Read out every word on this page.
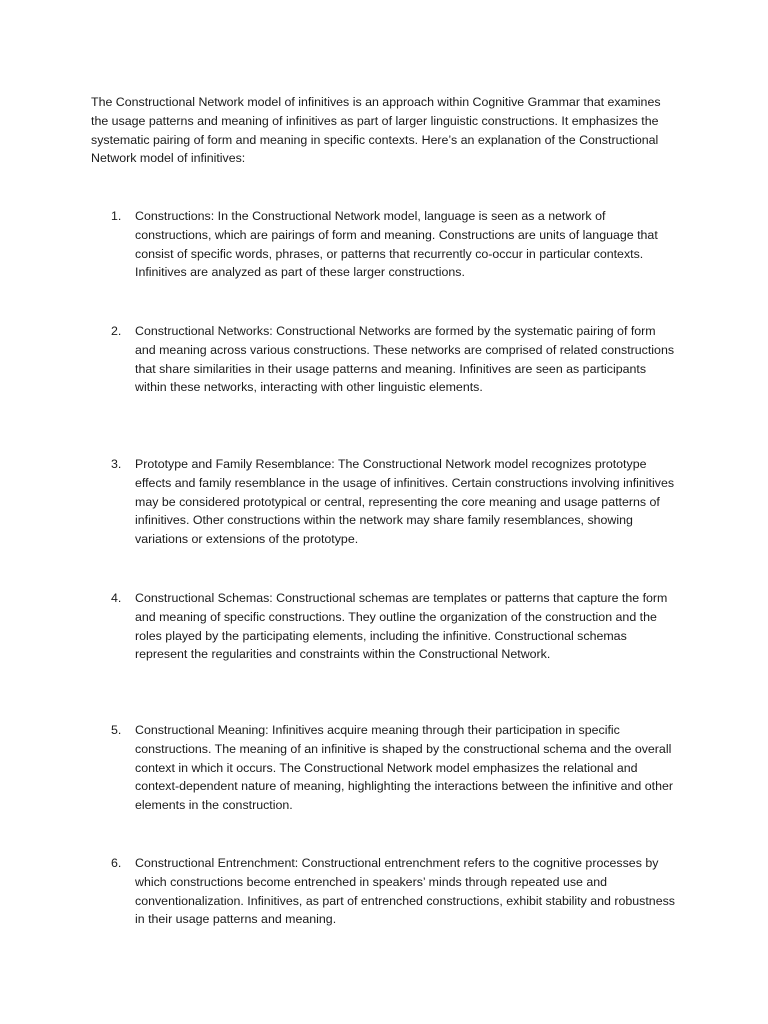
The Constructional Network model of infinitives is an approach within Cognitive Grammar that examines the usage patterns and meaning of infinitives as part of larger linguistic constructions. It emphasizes the systematic pairing of form and meaning in specific contexts. Here’s an explanation of the Constructional Network model of infinitives:

1.	Constructions: In the Constructional Network model, language is seen as a network of constructions, which are pairings of form and meaning. Constructions are units of language that consist of specific words, phrases, or patterns that recurrently co-occur in particular contexts. Infinitives are analyzed as part of these larger constructions.

2.	Constructional Networks: Constructional Networks are formed by the systematic pairing of form and meaning across various constructions. These networks are comprised of related constructions that share similarities in their usage patterns and meaning. Infinitives are seen as participants within these networks, interacting with other linguistic elements.

3.	Prototype and Family Resemblance: The Constructional Network model recognizes prototype effects and family resemblance in the usage of infinitives. Certain constructions involving infinitives may be considered prototypical or central, representing the core meaning and usage patterns of infinitives. Other constructions within the network may share family resemblances, showing variations or extensions of the prototype.

4.	Constructional Schemas: Constructional schemas are templates or patterns that capture the form and meaning of specific constructions. They outline the organization of the construction and the roles played by the participating elements, including the infinitive. Constructional schemas represent the regularities and constraints within the Constructional Network.

5.	Constructional Meaning: Infinitives acquire meaning through their participation in specific constructions. The meaning of an infinitive is shaped by the constructional schema and the overall context in which it occurs. The Constructional Network model emphasizes the relational and context-dependent nature of meaning, highlighting the interactions between the infinitive and other elements in the construction.

6.	Constructional Entrenchment: Constructional entrenchment refers to the cognitive processes by which constructions become entrenched in speakers’ minds through repeated use and conventionalization. Infinitives, as part of entrenched constructions, exhibit stability and robustness in their usage patterns and meaning.
